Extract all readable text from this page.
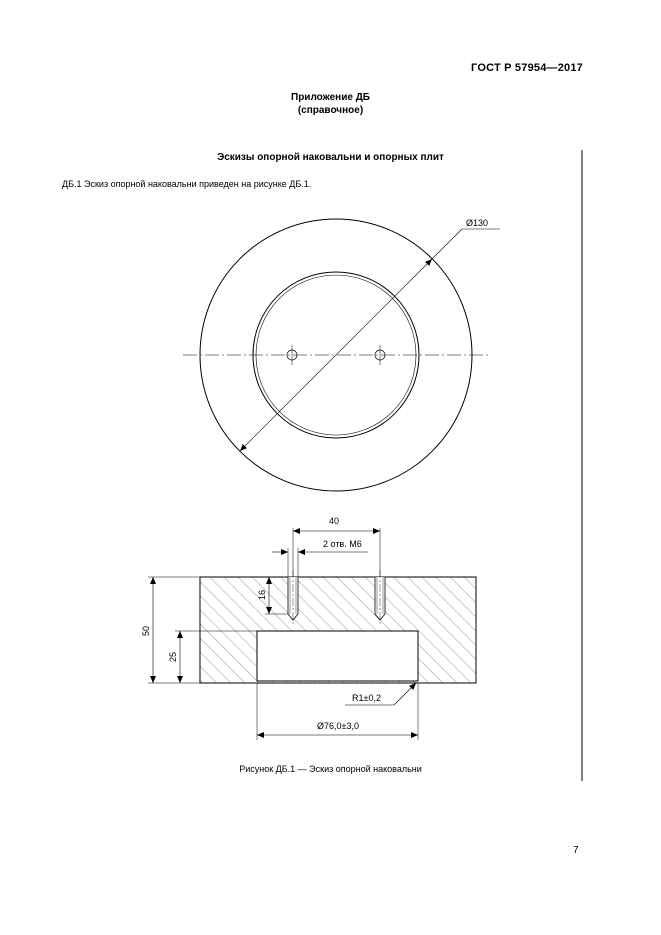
ГОСТ Р 57954—2017
Приложение ДБ
(справочное)
Эскизы опорной наковальни и опорных плит
ДБ.1 Эскиз опорной наковальни приведен на рисунке ДБ.1.
Ø130
40
2 отв. М6
16
50
25
R1±0,2
Ø76,0±3,0
Рисунок ДБ.1 — Эскиз опорной наковальни
7
